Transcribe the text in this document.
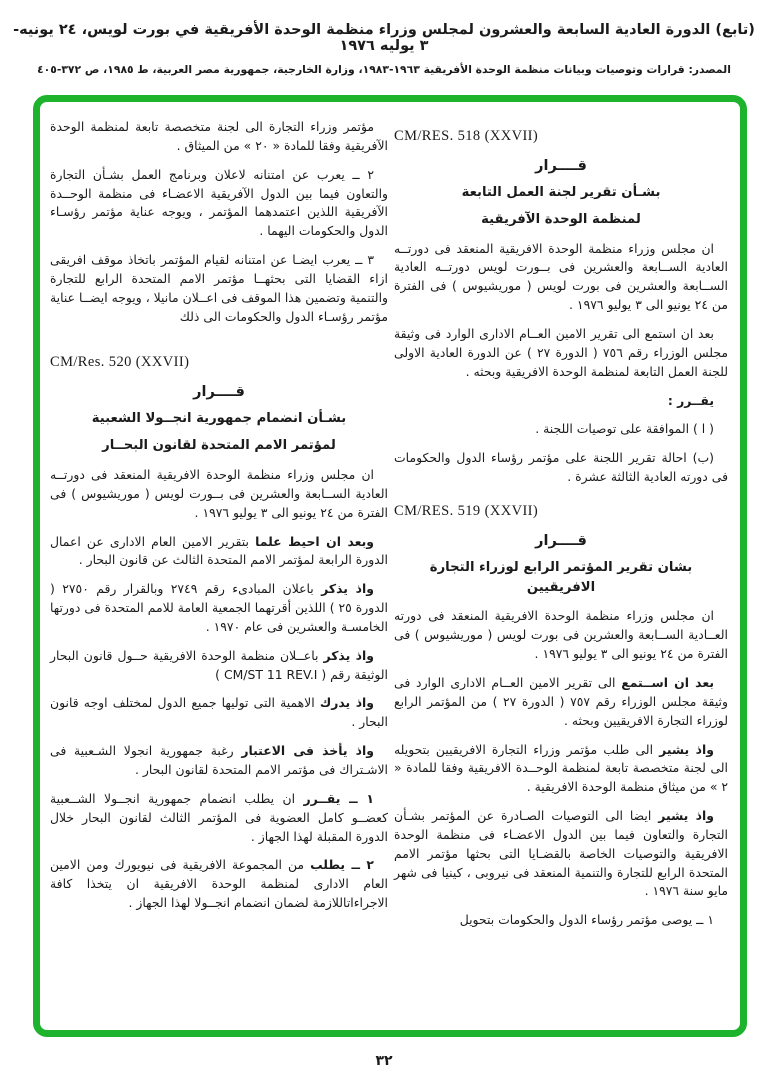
(تابع) الدورة العادية السابعة والعشرون لمجلس وزراء منظمة الوحدة الأفريقية في بورت لويس، ٢٤ يونيه- ٣ يوليه ١٩٧٦
المصدر: قرارات وتوصيات وبيانات منظمة الوحدة الأفريقية ١٩٦٣-١٩٨٣، وزارة الخارجية، جمهورية مصر العربية، ط ١٩٨٥، ص ٣٧٢-٤٠٥
CM/RES. 518 (XXVII)
قــــرار
بشـأن تقرير لجنة العمل التابعة
لمنظمة الوحدة الآفريقية
ان مجلس وزراء منظمة الوحدة الافريقية المنعقد فى دورتــه العادية الســابعة والعشرين فى بــورت لويس دورتــه العادية الســابعة والعشرين فى بورت لويس ( موريشيوس ) فى الفترة من ٢٤ يونيو الى ٣ يوليو ١٩٧٦ .
بعد ان استمع الى تقرير الامين العــام الادارى الوارد فى وثيقة مجلس الوزراء رقم ٧٥٦ ( الدورة ٢٧ ) عن الدورة العادية الاولى للجنة العمل التابعة لمنظمة الوحدة الافريقية وبحثه .
يقــرر :
( ا ) الموافقة على توصيات اللجنة .
(ب) احالة تقرير اللجنة على مؤتمر رؤساء الدول والحكومات فى دورته العادية الثالثة عشرة .
CM/RES. 519 (XXVII)
قــــرار
بشان تقرير المؤتمر الرابع لوزراء التجارة الافريقيين
ان مجلس وزراء منظمة الوحدة الافريقية المنعقد فى دورته العــادية الســابعة والعشرين فى بورت لويس ( موريشيوس ) فى الفترة من ٢٤ يونيو الى ٣ يوليو ١٩٧٦ .
بعد ان اســتمع الى تقرير الامين العــام الادارى الوارد فى وثيقة مجلس الوزراء رقم ٧٥٧ ( الدورة ٢٧ ) من المؤتمر الرابع لوزراء التجارة الافريقيين وبحثه .
واذ يشير الى طلب مؤتمر وزراء التجارة الافريقيين بتحويله الى لجنة متخصصة تابعة لمنظمة الوحــدة الافريقية وفقا للمادة « ٢ » من ميثاق منظمة الوحدة الافريقية .
واذ يشير ايضا الى التوصيات الصـادرة عن المؤتمر بشـأن التجارة والتعاون فيما بين الدول الاعضـاء فى منظمة الوحدة الافريقية والتوصيات الخاصة بالقضـايا التى بحثها مؤتمر الامم المتحدة الرابع للتجارة والتنمية المنعقد فى نيروبى ، كينيا فى شهر مايو سنة ١٩٧٦ .
١ ــ يوصى مؤتمر رؤساء الدول والحكومات بتحويل
مؤتمر وزراء التجارة الى لجنة متخصصة تابعة لمنظمة الوحدة الآفريقية وفقا للمادة « ٢٠ » من الميثاق .
٢ ــ يعرب عن امتنانه لاعلان وبرنامج العمل بشـأن التجارة والتعاون فيما بين الدول الآفريقية الاعضـاء فى منظمة الوحــدة الآفريقية اللذين اعتمدهما المؤتمر ، ويوجه عناية مؤتمر رؤسـاء الدول والحكومات اليهما .
٣ ــ يعرب ايضـا عن امتنانه لقيام المؤتمر باتخاذ موقف افريقى ازاء القضايا التى بحثهــا مؤتمر الامم المتحدة الرابع للتجارة والتنمية وتضمين هذا الموقف فى اعــلان مانيلا ، ويوجه ايضــا عناية مؤتمر رؤسـاء الدول والحكومات الى ذلك
CM/Res. 520 (XXVII)
قــــرار
بشـأن انضمام جمهورية انجــولا الشعبية
لمؤتمر الامم المتحدة لقانون البحــار
ان مجلس وزراء منظمة الوحدة الافريقية المنعقد فى دورتــه العادية الســابعة والعشرين فى بــورت لويس ( موريشيوس ) فى الفترة من ٢٤ يونيو الى ٣ يوليو ١٩٧٦ .
وبعد ان احيط علما بتقرير الامين العام الادارى عن اعمال الدورة الرابعة لمؤتمر الامم المتحدة الثالث عن قانون البحار .
واذ يذكر باعلان المبادىء رقم ٢٧٤٩ وبالقرار رقم ٢٧٥٠ ( الدورة ٢٥ ) اللذين أقرتهما الجمعية العامة للامم المتحدة فى دورتها الخامسـة والعشرين فى عام ١٩٧٠ .
واذ يذكر باعــلان منظمة الوحدة الافريقية حــول قانون البحار الوثيقة رقم ( CM/ST 11 REV.I )
واذ يدرك الاهمية التى توليها جميع الدول لمختلف اوجه قانون البحار .
واذ يأخذ فى الاعتبار رغبة جمهورية انجولا الشـعبية فى الاشـتراك فى مؤتمر الامم المتحدة لقانون البحار .
١ ــ يقــرر ان يطلب انضمام جمهورية انجــولا الشــعبية كعضــو كامل العضوية فى المؤتمر الثالث لقانون البحار خلال الدورة المقبلة لهذا الجهاز .
٢ ــ يطلب من المجموعة الافريقية فى نيويورك ومن الامين العام الادارى لمنظمة الوحدة الافريقية ان يتخذا كافة الاجراءاتاللازمة لضمان انضمام انجــولا لهذا الجهاز .
٣٢
